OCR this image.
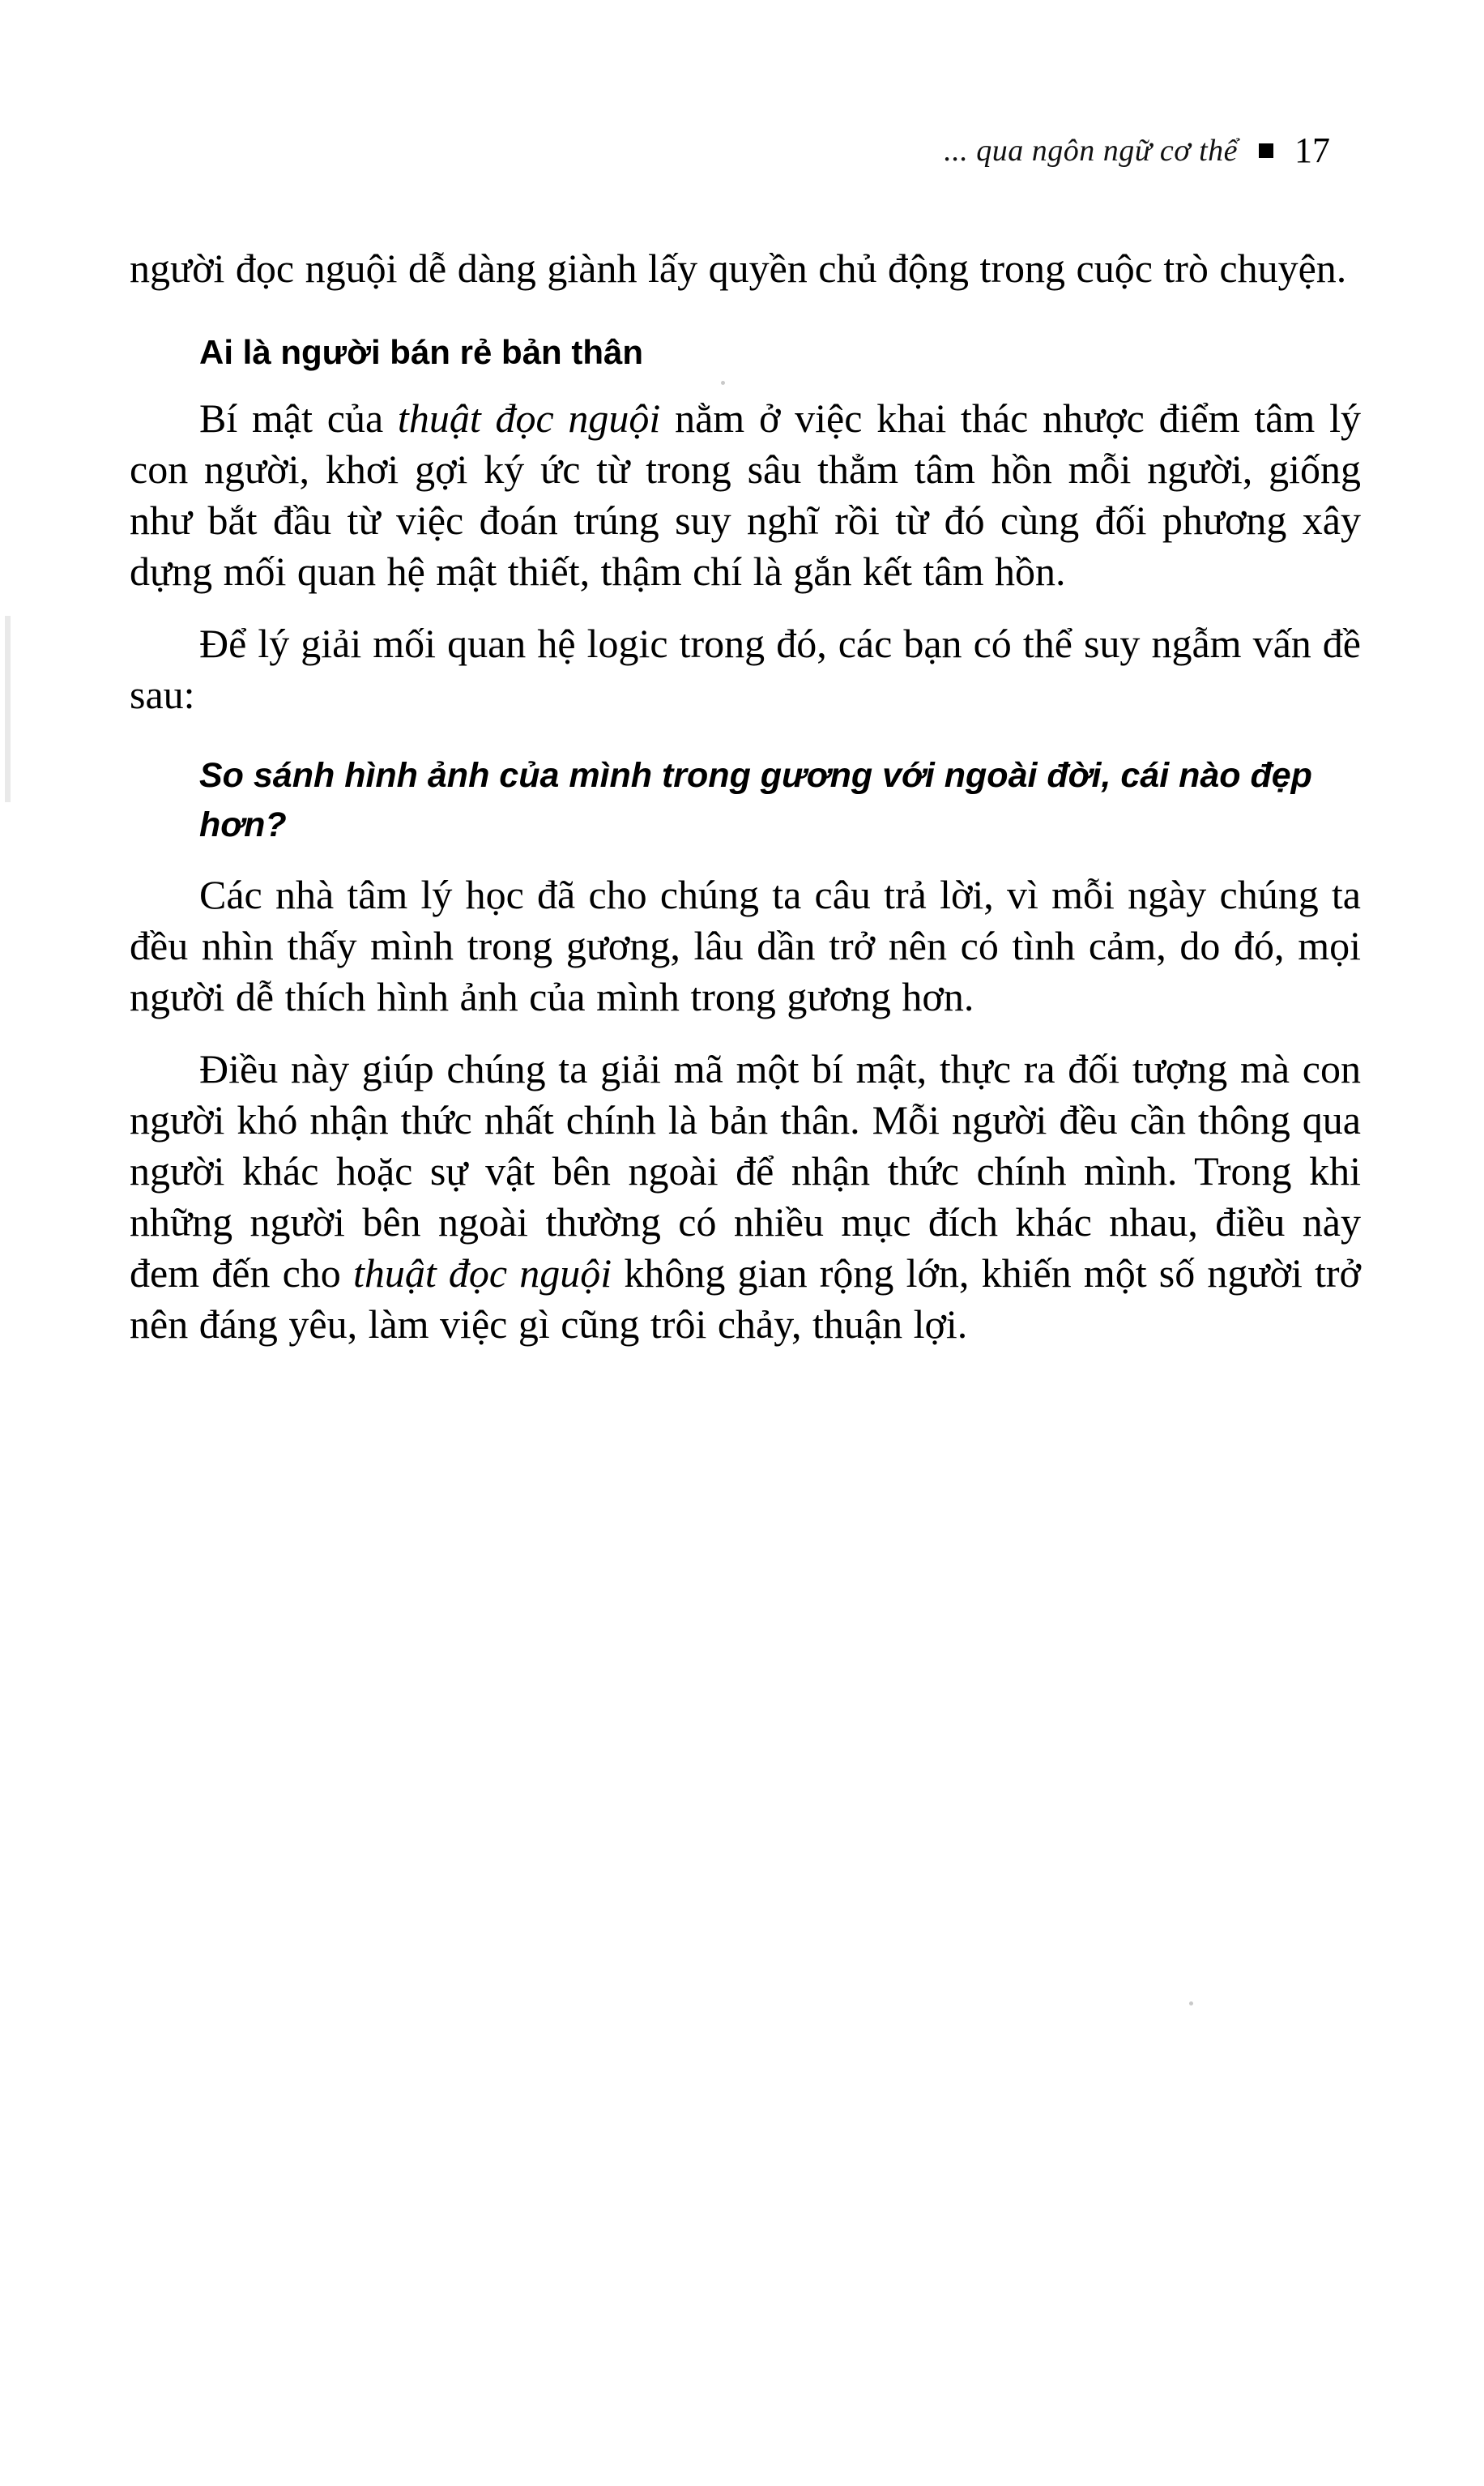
... qua ngôn ngữ cơ thể 17

người đọc nguội dễ dàng giành lấy quyền chủ động trong cuộc trò chuyện.

Ai là người bán rẻ bản thân

Bí mật của thuật đọc nguội nằm ở việc khai thác nhược điểm tâm lý con người, khơi gợi ký ức từ trong sâu thẳm tâm hồn mỗi người, giống như bắt đầu từ việc đoán trúng suy nghĩ rồi từ đó cùng đối phương xây dựng mối quan hệ mật thiết, thậm chí là gắn kết tâm hồn.

Để lý giải mối quan hệ logic trong đó, các bạn có thể suy ngẫm vấn đề sau:

So sánh hình ảnh của mình trong gương với ngoài đời, cái nào đẹp hơn?

Các nhà tâm lý học đã cho chúng ta câu trả lời, vì mỗi ngày chúng ta đều nhìn thấy mình trong gương, lâu dần trở nên có tình cảm, do đó, mọi người dễ thích hình ảnh của mình trong gương hơn.

Điều này giúp chúng ta giải mã một bí mật, thực ra đối tượng mà con người khó nhận thức nhất chính là bản thân. Mỗi người đều cần thông qua người khác hoặc sự vật bên ngoài để nhận thức chính mình. Trong khi những người bên ngoài thường có nhiều mục đích khác nhau, điều này đem đến cho thuật đọc nguội không gian rộng lớn, khiến một số người trở nên đáng yêu, làm việc gì cũng trôi chảy, thuận lợi.
